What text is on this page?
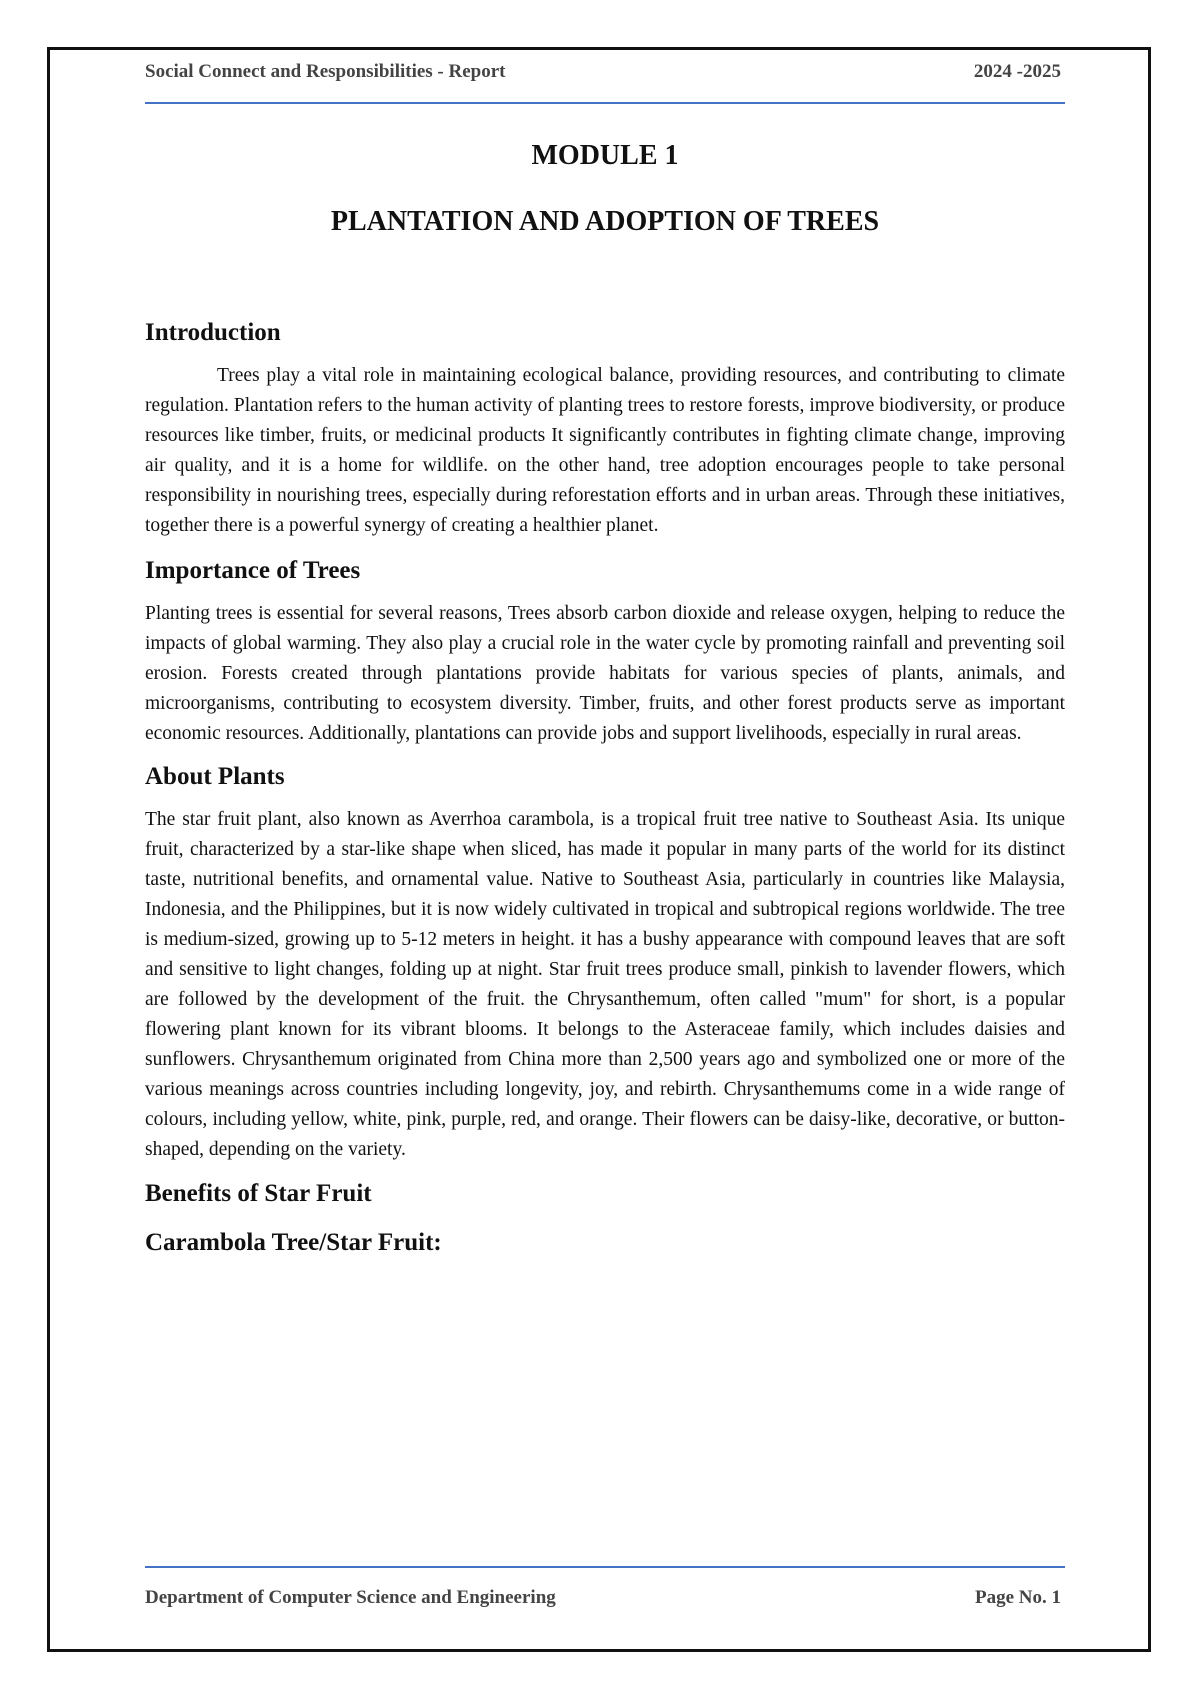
Social Connect and Responsibilities - Report	2024 -2025
MODULE 1
PLANTATION AND ADOPTION OF TREES
Introduction

Trees play a vital role in maintaining ecological balance, providing resources, and contributing to climate regulation. Plantation refers to the human activity of planting trees to restore forests, improve biodiversity, or produce resources like timber, fruits, or medicinal products It significantly contributes in fighting climate change, improving air quality, and it is a home for wildlife. on the other hand, tree adoption encourages people to take personal responsibility in nourishing trees, especially during reforestation efforts and in urban areas. Through these initiatives, together there is a powerful synergy of creating a healthier planet.

Importance of Trees

Planting trees is essential for several reasons, Trees absorb carbon dioxide and release oxygen, helping to reduce the impacts of global warming. They also play a crucial role in the water cycle by promoting rainfall and preventing soil erosion. Forests created through plantations provide habitats for various species of plants, animals, and microorganisms, contributing to ecosystem diversity. Timber, fruits, and other forest products serve as important economic resources. Additionally, plantations can provide jobs and support livelihoods, especially in rural areas.

About Plants

The star fruit plant, also known as Averrhoa carambola, is a tropical fruit tree native to Southeast Asia. Its unique fruit, characterized by a star-like shape when sliced, has made it popular in many parts of the world for its distinct taste, nutritional benefits, and ornamental value. Native to Southeast Asia, particularly in countries like Malaysia, Indonesia, and the Philippines, but it is now widely cultivated in tropical and subtropical regions worldwide. The tree is medium-sized, growing up to 5-12 meters in height. it has a bushy appearance with compound leaves that are soft and sensitive to light changes, folding up at night. Star fruit trees produce small, pinkish to lavender flowers, which are followed by the development of the fruit. the Chrysanthemum, often called "mum" for short, is a popular flowering plant known for its vibrant blooms. It belongs to the Asteraceae family, which includes daisies and sunflowers. Chrysanthemum originated from China more than 2,500 years ago and symbolized one or more of the various meanings across countries including longevity, joy, and rebirth. Chrysanthemums come in a wide range of colours, including yellow, white, pink, purple, red, and orange. Their flowers can be daisy-like, decorative, or button-shaped, depending on the variety.

Benefits of Star Fruit
Carambola Tree/Star Fruit:
Department of Computer Science and Engineering	Page No. 1
